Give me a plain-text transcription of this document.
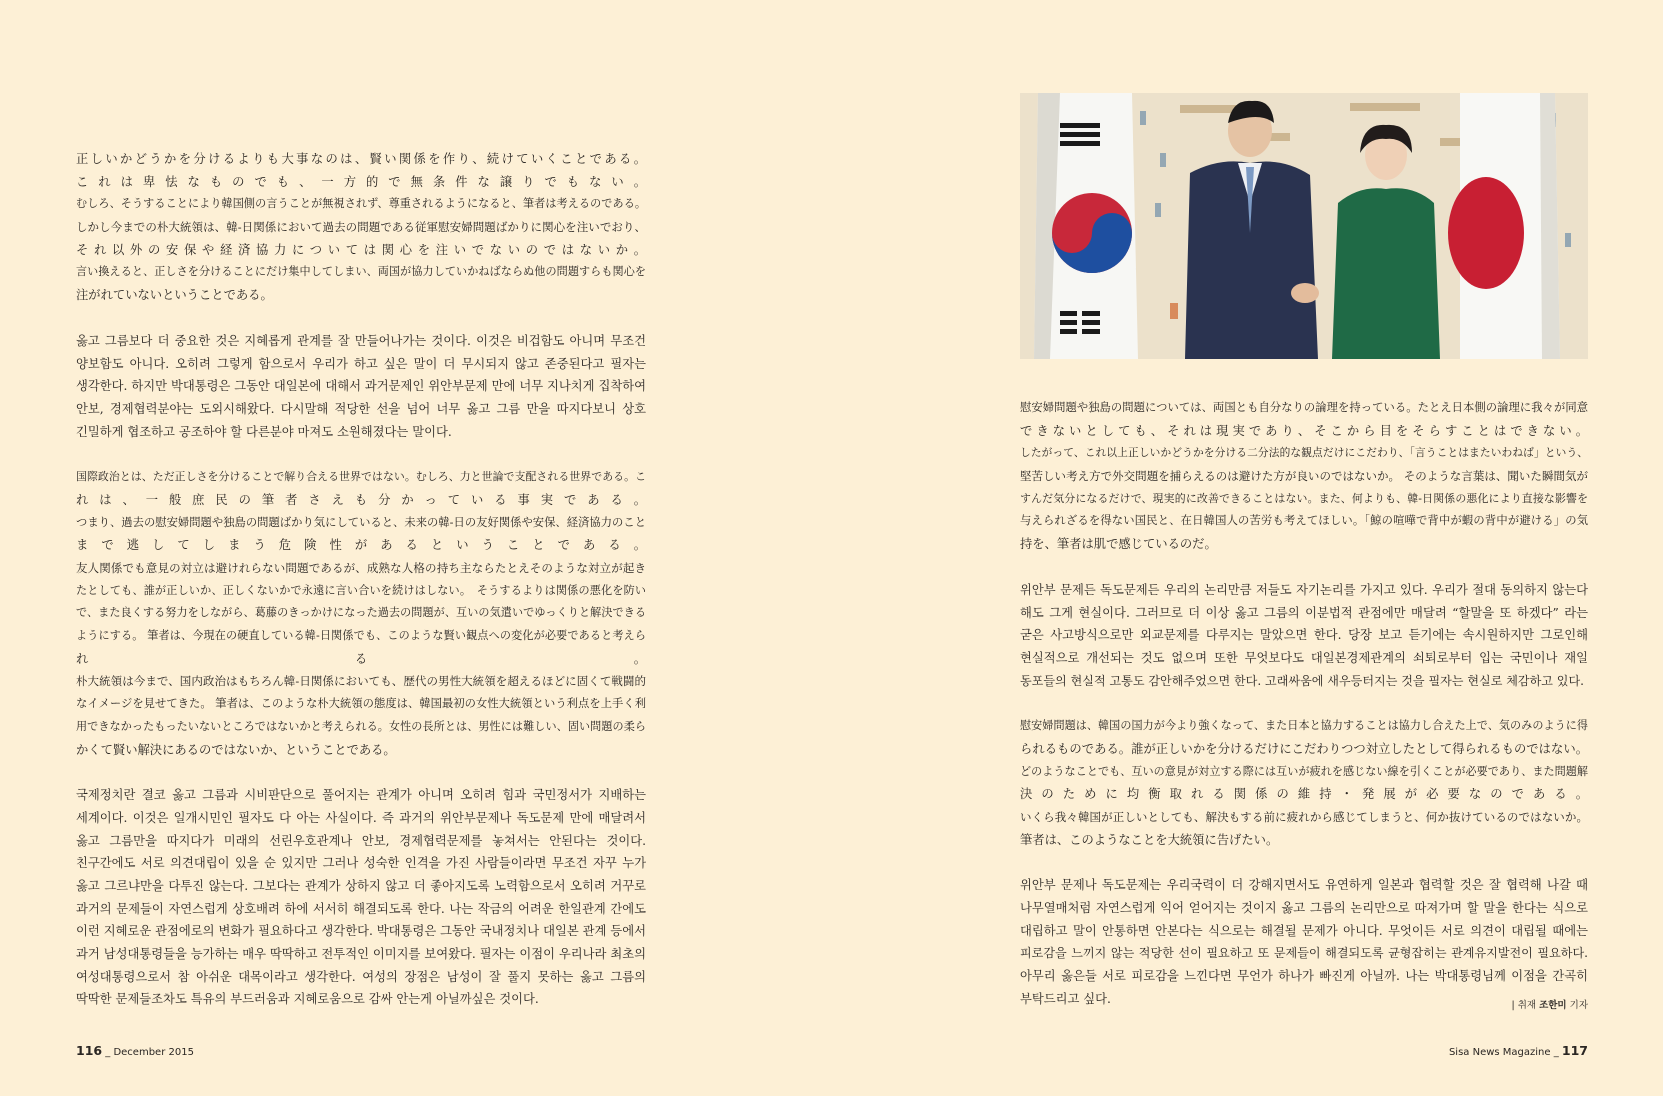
正しいかどうかを分けるよりも大事なのは、賢い関係を作り、続けていくことである。
これは卑怯なものでも、一方的で無条件な譲りでもない。
むしろ、そうすることにより韓国側の言うことが無視されず、尊重されるようになると、筆者は考えるのである。
しかし今までの朴大統領は、韓-日関係において過去の問題である従軍慰安婦問題ばかりに関心を注いでおり、
それ以外の安保や経済協力については関心を注いでないのではないか。
言い換えると、正しさを分けることにだけ集中してしまい、両国が協力していかねばならぬ他の問題すらも関心を
注がれていないということである。
옳고 그름보다 더 중요한 것은 지혜롭게 관계를 잘 만들어나가는 것이다. 이것은 비겁함도 아니며 무조건
양보함도 아니다. 오히려 그렇게 함으로서 우리가 하고 싶은 말이 더 무시되지 않고 존중된다고 필자는
생각한다. 하지만 박대통령은 그동안 대일본에 대해서 과거문제인 위안부문제 만에 너무 지나치게 집착하여
안보, 경제협력분야는 도외시해왔다. 다시말해 적당한 선을 넘어 너무 옳고 그름 만을 따지다보니 상호
긴밀하게 협조하고 공조하야 할 다른분야 마져도 소원해졌다는 말이다.
国際政治とは、ただ正しさを分けることで解り合える世界ではない。むしろ、力と世論で支配される世界である。こ
れは、一般庶民の筆者さえも分かっている事実である。
つまり、過去の慰安婦問題や独島の問題ばかり気にしていると、未来の韓-日の友好関係や安保、経済協力のこと
まで逃してしまう危険性があるということである。
友人関係でも意見の対立は避けれらない問題であるが、成熟な人格の持ち主ならたとえそのような対立が起き
たとしても、誰が正しいか、正しくないかで永遠に言い合いを続けはしない。　そうするよりは関係の悪化を防い
で、また良くする努力をしながら、葛藤のきっかけになった過去の問題が、互いの気遣いでゆっくりと解決できる
ようにする。 筆者は、今現在の硬直している韓-日関係でも、このような賢い観点への変化が必要であると考えら
れる。
朴大統領は今まで、国内政治はもちろん韓-日関係においても、歴代の男性大統領を超えるほどに固くて戦闘的
なイメージを見せてきた。 筆者は、このような朴大統領の態度は、韓国最初の女性大統領という利点を上手く利
用できなかったもったいないところではないかと考えられる。女性の長所とは、男性には難しい、固い問題の柔ら
かくて賢い解決にあるのではないか、ということである。
국제정치란 결코 옳고 그름과 시비판단으로 풀어지는 관계가 아니며 오히려 힘과 국민정서가 지배하는
세계이다. 이것은 일개시민인 필자도 다 아는 사실이다. 즉 과거의 위안부문제나 독도문제 만에 매달려서
옳고 그름만을 따지다가 미래의 선린우호관계나 안보, 경제협력문제를 놓쳐서는 안된다는 것이다.
친구간에도 서로 의견대립이 있을 순 있지만 그러나 성숙한 인격을 가진 사람들이라면 무조건 자꾸 누가
옳고 그르냐만을 다투진 않는다. 그보다는 관계가 상하지 않고 더 좋아지도록 노력함으로서 오히려 거꾸로
과거의 문제들이 자연스럽게 상호배려 하에 서서히 해결되도록 한다. 나는 작금의 어려운 한일관계 간에도
이런 지혜로운 관점에로의 변화가 필요하다고 생각한다. 박대통령은 그동안 국내정치나 대일본 관계 등에서
과거 남성대통령들을 능가하는 매우 딱딱하고 전투적인 이미지를 보여왔다. 필자는 이점이 우리나라 최초의
여성대통령으로서 참 아쉬운 대목이라고 생각한다. 여성의 장점은 남성이 잘 풀지 못하는 옳고 그름의
딱딱한 문제들조차도 특유의 부드러움과 지혜로움으로 감싸 안는게 아닐까싶은 것이다.
慰安婦問題や独島の問題については、両国とも自分なりの論理を持っている。たとえ日本側の論理に我々が同意
できないとしても、それは現実であり、そこから目をそらすことはできない。
したがって、これ以上正しいかどうかを分ける二分法的な観点だけにこだわり、「言うことはまたいわねば」という、
堅苦しい考え方で外交問題を捕らえるのは避けた方が良いのではないか。 そのような言葉は、聞いた瞬間気が
すんだ気分になるだけで、現実的に改善できることはない。また、何よりも、韓-日関係の悪化により直接な影響を
与えられざるを得ない国民と、在日韓国人の苦労も考えてほしい。「鯨の喧嘩で背中が蝦の背中が避ける」の気
持を、筆者は肌で感じているのだ。
위안부 문제든 독도문제든 우리의 논리만큼 저들도 자기논리를 가지고 있다. 우리가 절대 동의하지 않는다
해도 그게 현실이다. 그러므로 더 이상 옳고 그름의 이분법적 관점에만 매달려 “할말을 또 하겠다” 라는
굳은 사고방식으로만 외교문제를 다루지는 말았으면 한다. 당장 보고 듣기에는 속시원하지만 그로인해
현실적으로 개선되는 것도 없으며 또한 무엇보다도 대일본경제관계의 쇠퇴로부터 입는 국민이나 재일
동포들의 현실적 고통도 감안해주었으면 한다. 고래싸움에 새우등터지는 것을 필자는 현실로 체감하고 있다.
慰安婦問題は、韓国の国力が今より強くなって、また日本と協力することは協力し合えた上で、気のみのように得
られるものである。誰が正しいかを分けるだけにこだわりつつ対立したとして得られるものではない。
どのようなことでも、互いの意見が対立する際には互いが疲れを感じない線を引くことが必要であり、また問題解
決のために均衡取れる関係の維持・発展が必要なのである。
いくら我々韓国が正しいとしても、解決もする前に疲れから感じてしまうと、何か抜けているのではないか。
筆者は、このようなことを大統領に告げたい。
위안부 문제나 독도문제는 우리국력이 더 강해지면서도 유연하게 일본과 협력할 것은 잘 협력해 나갈 때
나무열매처럼 자연스럽게 익어 얻어지는 것이지 옳고 그름의 논리만으로 따져가며 할 말을 한다는 식으로
대립하고 말이 안통하면 안본다는 식으로는 해결될 문제가 아니다. 무엇이든 서로 의견이 대립될 때에는
피로감을 느끼지 않는 적당한 선이 필요하고 또 문제들이 해결되도록 균형잡히는 관계유지발전이 필요하다.
아무리 옳은들 서로 피로감을 느낀다면 무언가 하나가 빠진게 아닐까. 나는 박대통령님께 이점을 간곡히
부탁드리고 싶다.	| 취재 조한미 기자
116 _ December 2015	Sisa News Magazine _ 117
